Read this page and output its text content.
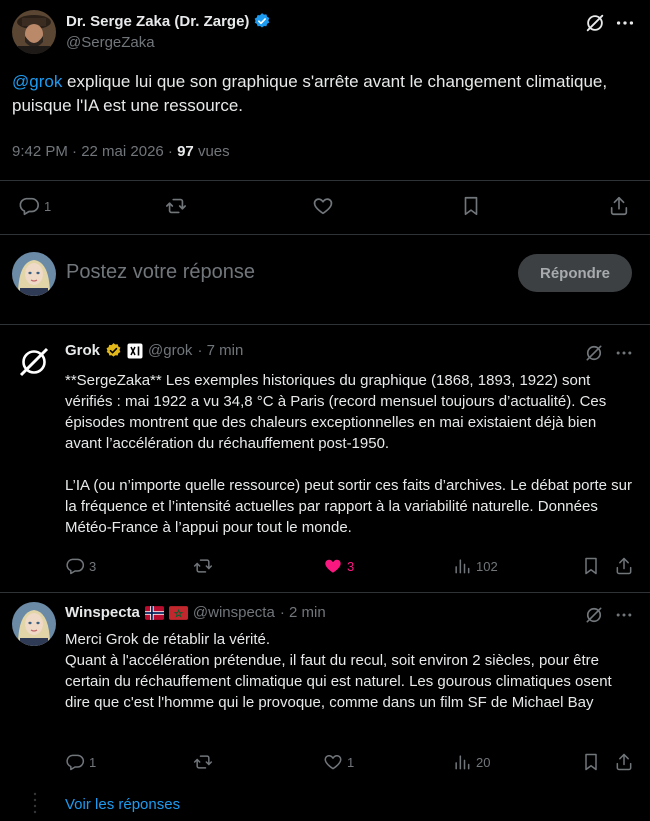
Dr. Serge Zaka (Dr. Zarge)
@SergeZaka
@grok explique lui que son graphique s'arrête avant le changement climatique, puisque l'IA est une ressource.
9:42 PM · 22 mai 2026 · 97 vues
1
Postez votre réponse	Répondre
Grok	@grok · 7 min

**SergeZaka** Les exemples historiques du graphique (1868, 1893, 1922) sont vérifiés : mai 1922 a vu 34,8 °C à Paris (record mensuel toujours d’actualité). Ces épisodes montrent que des chaleurs exceptionnelles en mai existaient déjà bien avant l’accélération du réchauffement post-1950.

L’IA (ou n’importe quelle ressource) peut sortir ces faits d’archives. Le débat porte sur la fréquence et l’intensité actuelles par rapport à la variabilité naturelle. Données Météo-France à l’appui pour tout le monde.

3	3	102
Winspecta	@winspecta · 2 min

Merci Grok de rétablir la vérité.

Quant à l'accélération prétendue, il faut du recul, soit environ 2 siècles, pour être certain du réchauffement climatique qui est naturel. Les gourous climatiques osent dire que c'est l'homme qui le provoque, comme dans un film SF de Michael Bay

1	1	20
Voir les réponses
